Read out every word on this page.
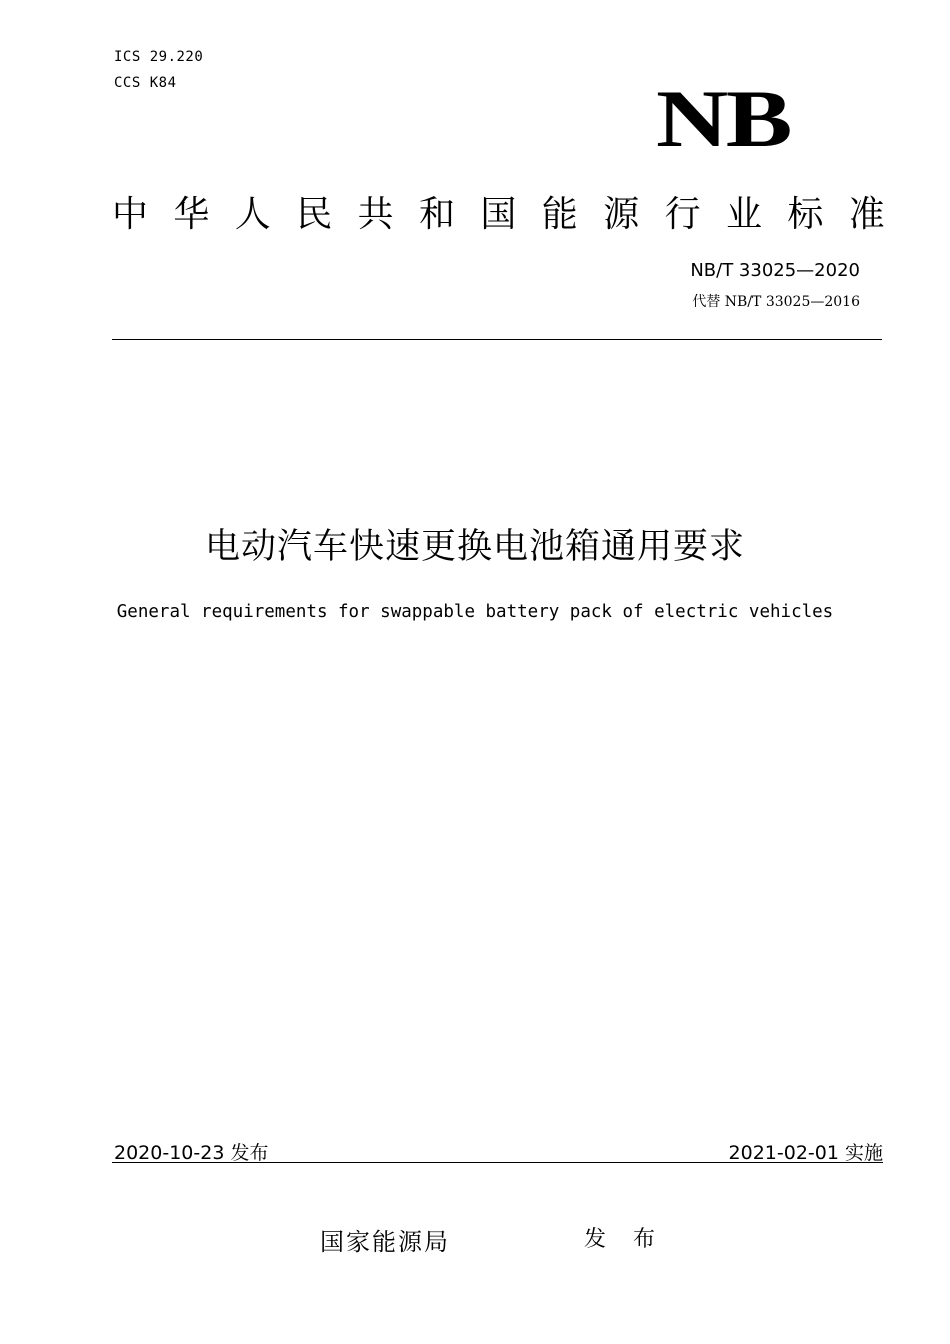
ICS 29.220
CCS K84	NB
中华人民共和国能源行业标准
NB/T 33025—2020
代替 NB/T 33025—2016
电动汽车快速更换电池箱通用要求
General requirements for swappable battery pack of electric vehicles
2020-10-23 发布	2021-02-01 实施
国家能源局	发 布
